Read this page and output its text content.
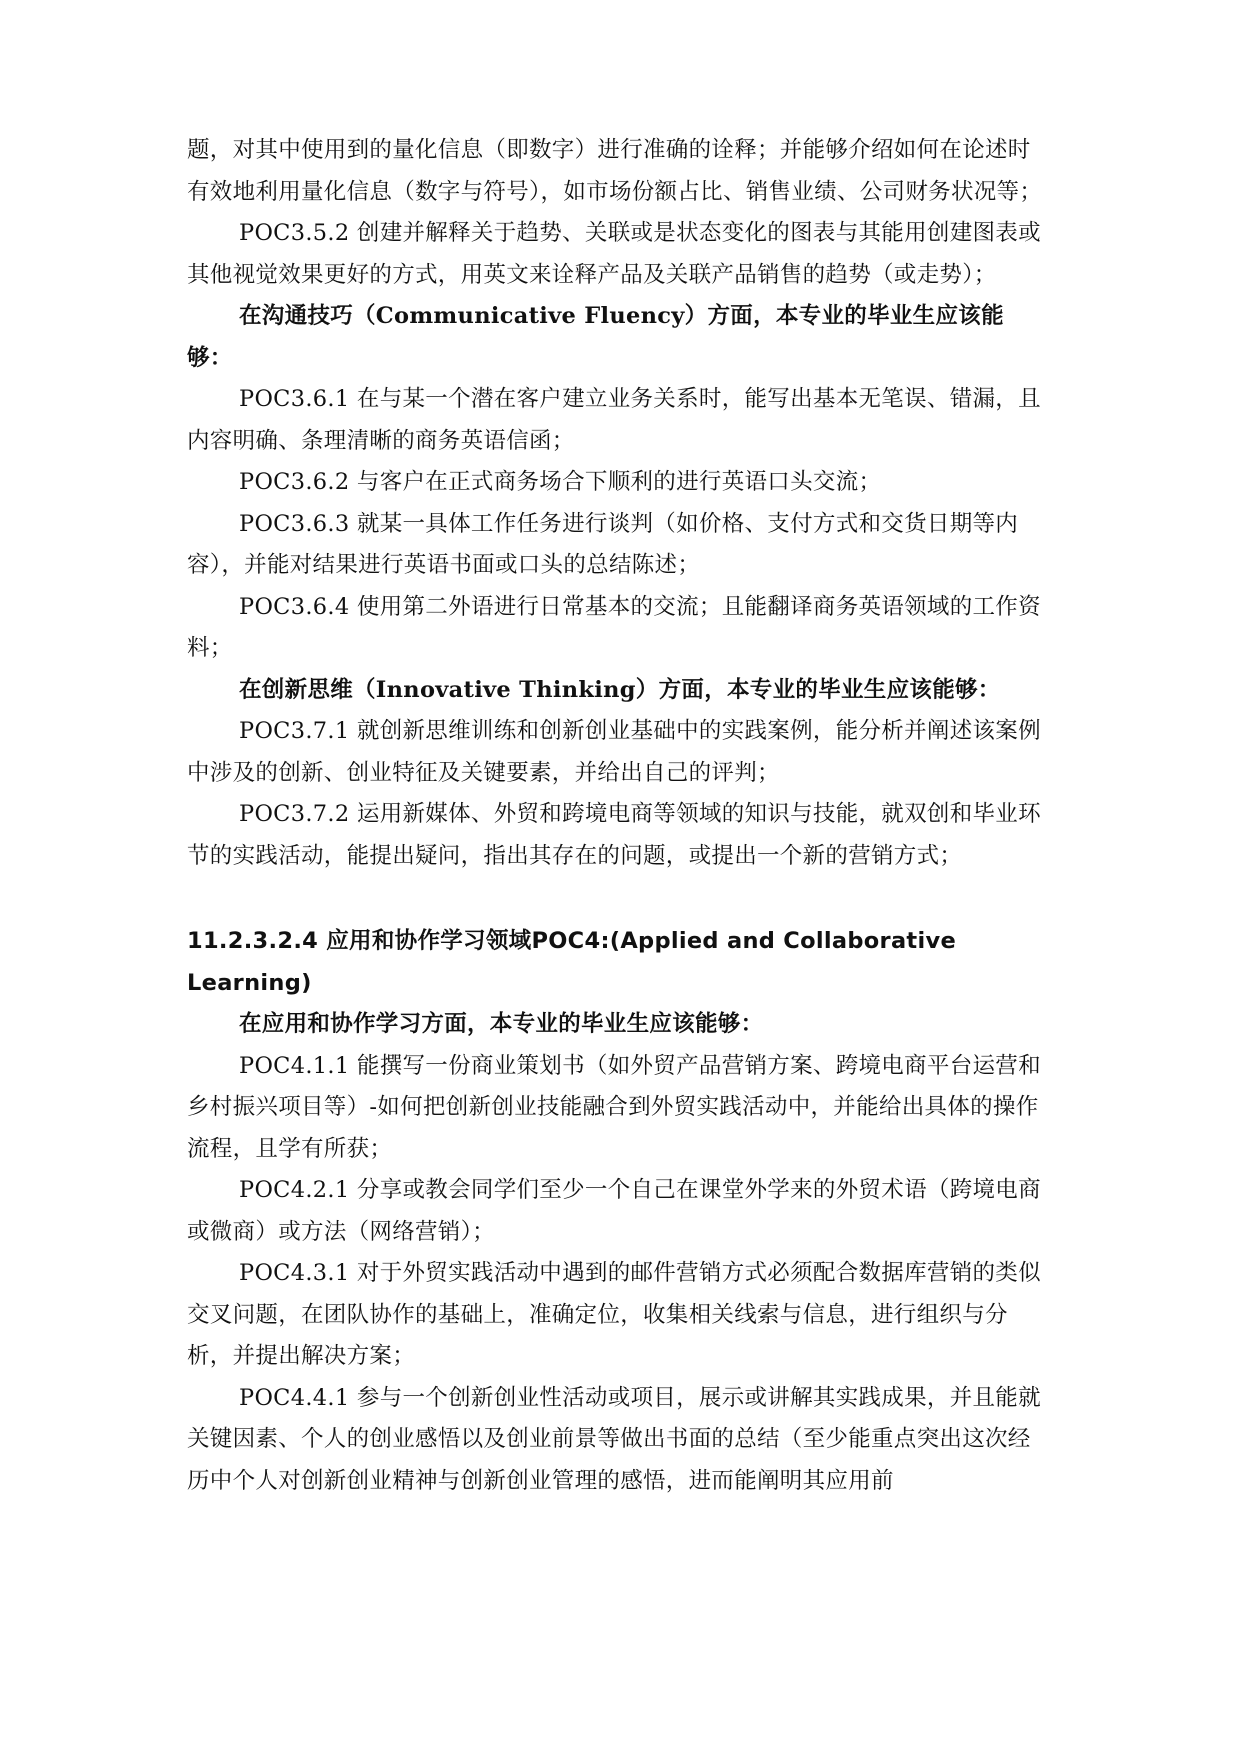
题，对其中使用到的量化信息（即数字）进行准确的诠释；并能够介绍如何在论述时有效地利用量化信息（数字与符号），如市场份额占比、销售业绩、公司财务状况等；

POC3.5.2 创建并解释关于趋势、关联或是状态变化的图表与其能用创建图表或其他视觉效果更好的方式，用英文来诠释产品及关联产品销售的趋势（或走势）；

在沟通技巧（Communicative Fluency）方面，本专业的毕业生应该能够：

POC3.6.1 在与某一个潜在客户建立业务关系时，能写出基本无笔误、错漏，且内容明确、条理清晰的商务英语信函；

POC3.6.2 与客户在正式商务场合下顺利的进行英语口头交流；

POC3.6.3 就某一具体工作任务进行谈判（如价格、支付方式和交货日期等内容），并能对结果进行英语书面或口头的总结陈述；

POC3.6.4 使用第二外语进行日常基本的交流；且能翻译商务英语领域的工作资料；

在创新思维（Innovative Thinking）方面，本专业的毕业生应该能够：

POC3.7.1 就创新思维训练和创新创业基础中的实践案例，能分析并阐述该案例中涉及的创新、创业特征及关键要素，并给出自己的评判；

POC3.7.2 运用新媒体、外贸和跨境电商等领域的知识与技能，就双创和毕业环节的实践活动，能提出疑问，指出其存在的问题，或提出一个新的营销方式；

11.2.3.2.4 应用和协作学习领域POC4:(Applied and Collaborative Learning)

在应用和协作学习方面，本专业的毕业生应该能够：

POC4.1.1 能撰写一份商业策划书（如外贸产品营销方案、跨境电商平台运营和乡村振兴项目等）-如何把创新创业技能融合到外贸实践活动中，并能给出具体的操作流程，且学有所获；

POC4.2.1 分享或教会同学们至少一个自己在课堂外学来的外贸术语（跨境电商或微商）或方法（网络营销）；

POC4.3.1 对于外贸实践活动中遇到的邮件营销方式必须配合数据库营销的类似交叉问题，在团队协作的基础上，准确定位，收集相关线索与信息，进行组织与分析，并提出解决方案；

POC4.4.1 参与一个创新创业性活动或项目，展示或讲解其实践成果，并且能就关键因素、个人的创业感悟以及创业前景等做出书面的总结（至少能重点突出这次经历中个人对创新创业精神与创新创业管理的感悟，进而能阐明其应用前
